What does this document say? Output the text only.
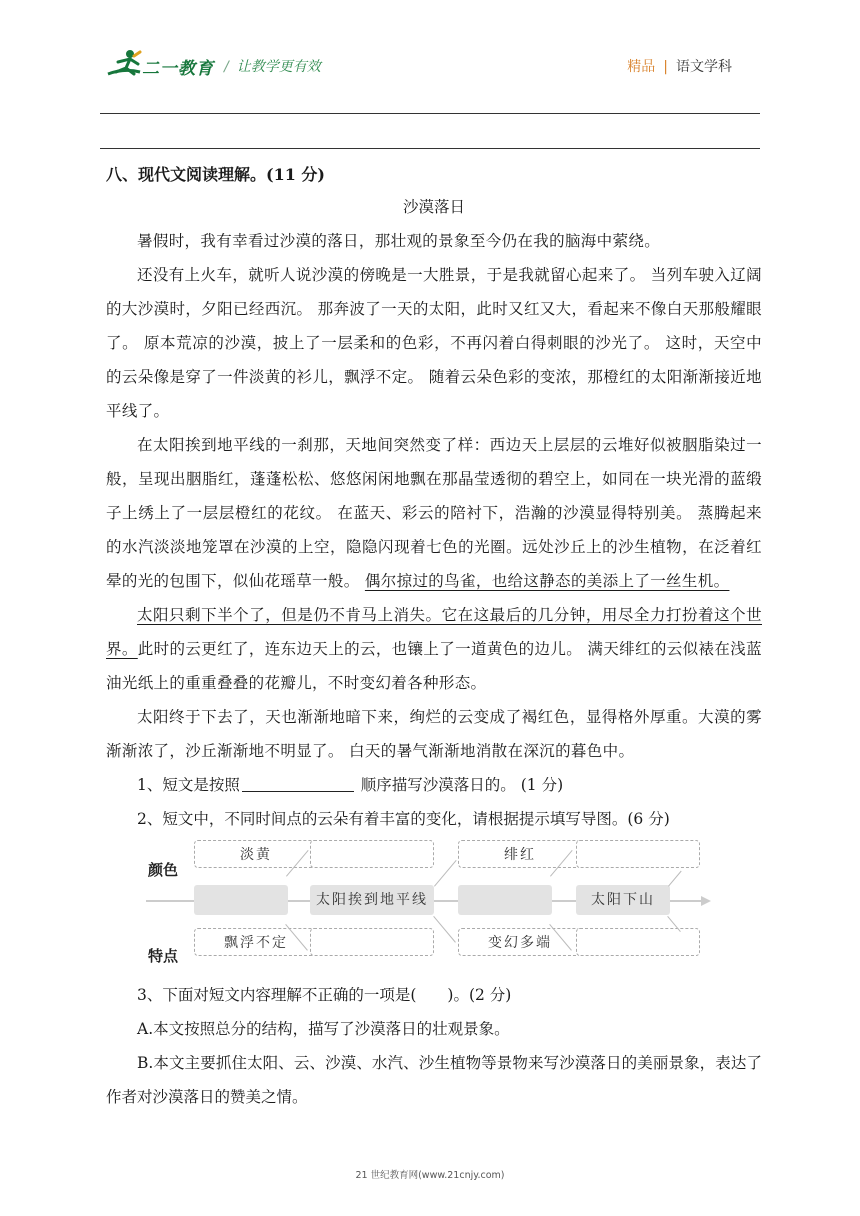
二一教育 / 让教学更有效	精品 | 语文学科

八、现代文阅读理解。(11 分)

沙漠落日

暑假时，我有幸看过沙漠的落日，那壮观的景象至今仍在我的脑海中萦绕。

还没有上火车，就听人说沙漠的傍晚是一大胜景，于是我就留心起来了。 当列车驶入辽阔的大沙漠时，夕阳已经西沉。 那奔波了一天的太阳，此时又红又大，看起来不像白天那般耀眼了。 原本荒凉的沙漠，披上了一层柔和的色彩，不再闪着白得刺眼的沙光了。 这时，天空中的云朵像是穿了一件淡黄的衫儿，飘浮不定。 随着云朵色彩的变浓，那橙红的太阳渐渐接近地平线了。

在太阳挨到地平线的一刹那，天地间突然变了样：西边天上层层的云堆好似被胭脂染过一般，呈现出胭脂红，蓬蓬松松、悠悠闲闲地飘在那晶莹透彻的碧空上，如同在一块光滑的蓝缎子上绣上了一层层橙红的花纹。 在蓝天、彩云的陪衬下，浩瀚的沙漠显得特别美。 蒸腾起来的水汽淡淡地笼罩在沙漠的上空，隐隐闪现着七色的光圈。远处沙丘上的沙生植物，在泛着红晕的光的包围下，似仙花瑶草一般。 偶尔掠过的鸟雀，也给这静态的美添上了一丝生机。

太阳只剩下半个了，但是仍不肯马上消失。它在这最后的几分钟，用尽全力打扮着这个世界。此时的云更红了，连东边天上的云，也镶上了一道黄色的边儿。 满天绯红的云似裱在浅蓝油光纸上的重重叠叠的花瓣儿，不时变幻着各种形态。

太阳终于下去了，天也渐渐地暗下来，绚烂的云变成了褐红色，显得格外厚重。大漠的雾渐渐浓了，沙丘渐渐地不明显了。 白天的暑气渐渐地消散在深沉的暮色中。

1、短文是按照	顺序描写沙漠落日的。 (1 分)

2、短文中，不同时间点的云朵有着丰富的变化，请根据提示填写导图。(6 分)

颜色
特点
太阳挨到地平线	太阳下山
淡黄	绯红
飘浮不定	变幻多端

3、下面对短文内容理解不正确的一项是(　　)。(2 分)

A.本文按照总分的结构，描写了沙漠落日的壮观景象。

B.本文主要抓住太阳、云、沙漠、水汽、沙生植物等景物来写沙漠落日的美丽景象，表达了作者对沙漠落日的赞美之情。

21 世纪教育网(www.21cnjy.com)
